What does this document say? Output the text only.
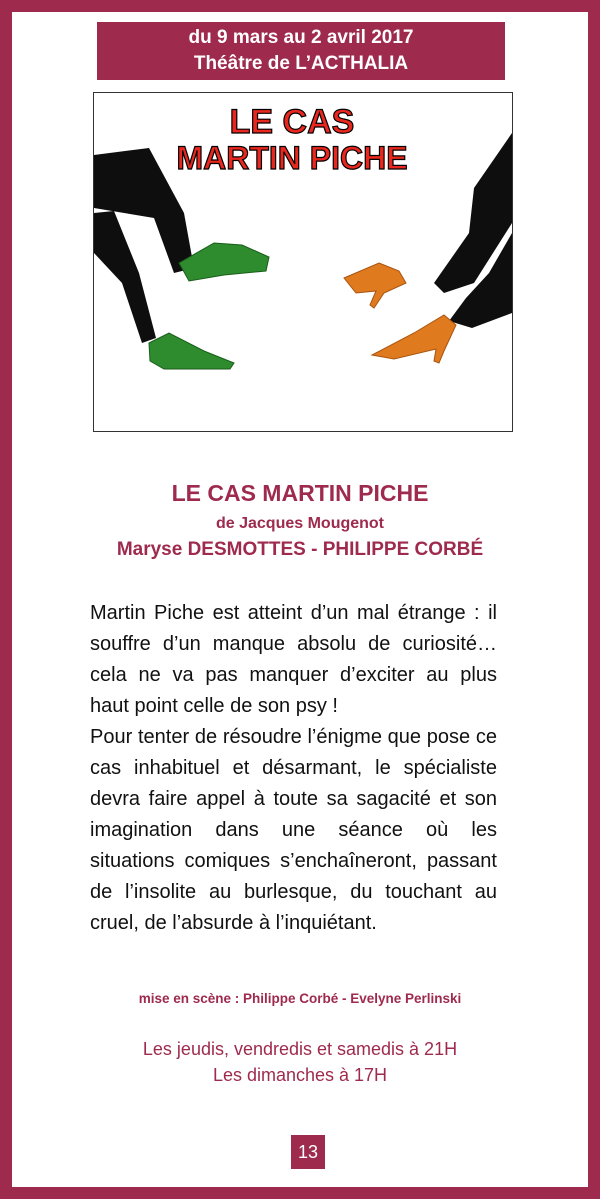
du 9 mars au 2 avril 2017
Théâtre de L’ACTHALIA
LE CAS
MARTIN PICHE
LE CAS MARTIN PICHE
de Jacques Mougenot
Maryse DESMOTTES - PHILIPPE CORBÉ

Martin Piche est atteint d’un mal étrange : il souffre d’un manque absolu de curiosité… cela ne va pas manquer d’exciter au plus haut point celle de son psy !

Pour tenter de résoudre l’énigme que pose ce cas inhabituel et désarmant, le spécialiste devra faire appel à toute sa sagacité et son imagination dans une séance où les situations comiques s’enchaîneront, passant de l’insolite au burlesque, du touchant au cruel, de l’absurde à l’inquiétant.

mise en scène : Philippe Corbé - Evelyne Perlinski
Les jeudis, vendredis et samedis à 21H
Les dimanches à 17H
13
